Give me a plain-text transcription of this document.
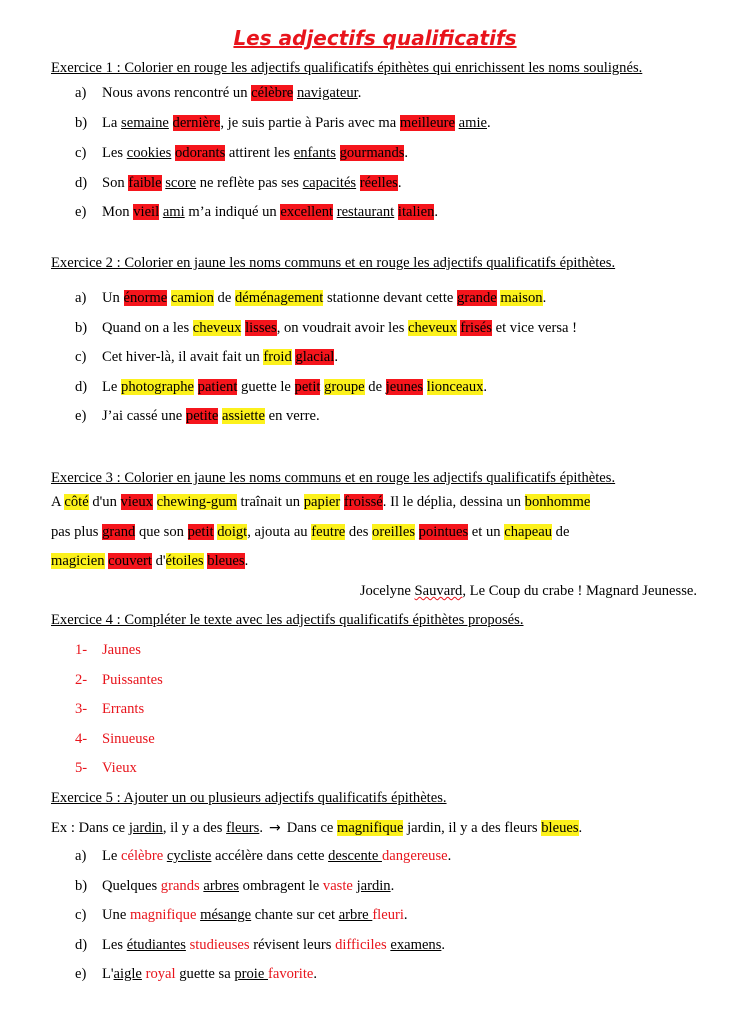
Les adjectifs qualificatifs
Exercice 1 : Colorier en rouge les adjectifs qualificatifs épithètes qui enrichissent les noms soulignés.
a) Nous avons rencontré un célèbre navigateur.
b) La semaine dernière, je suis partie à Paris avec ma meilleure amie.
c) Les cookies odorants attirent les enfants gourmands.
d) Son faible score ne reflète pas ses capacités réelles.
e) Mon vieil ami m’a indiqué un excellent restaurant italien.
Exercice 2 : Colorier en jaune les noms communs et en rouge les adjectifs qualificatifs épithètes.
a) Un énorme camion de déménagement stationne devant cette grande maison.
b) Quand on a les cheveux lisses, on voudrait avoir les cheveux frisés et vice versa !
c) Cet hiver-là, il avait fait un froid glacial.
d) Le photographe patient guette le petit groupe de jeunes lionceaux.
e) J’ai cassé une petite assiette en verre.
Exercice 3 : Colorier en jaune les noms communs et en rouge les adjectifs qualificatifs épithètes.
A côté d'un vieux chewing-gum traînait un papier froissé. Il le déplia, dessina un bonhomme
pas plus grand que son petit doigt, ajouta au feutre des oreilles pointues et un chapeau de
magicien couvert d'étoiles bleues.
Jocelyne Sauvard, Le Coup du crabe ! Magnard Jeunesse.
Exercice 4 : Compléter le texte avec les adjectifs qualificatifs épithètes proposés.
1- Jaunes
2- Puissantes
3- Errants
4- Sinueuse
5- Vieux
Exercice 5 : Ajouter un ou plusieurs adjectifs qualificatifs épithètes.
Ex : Dans ce jardin, il y a des fleurs. → Dans ce magnifique jardin, il y a des fleurs bleues.
a) Le célèbre cycliste accélère dans cette descente dangereuse.
b) Quelques grands arbres ombragent le vaste jardin.
c) Une magnifique mésange chante sur cet arbre fleuri.
d) Les étudiantes studieuses révisent leurs difficiles examens.
e) L'aigle royal guette sa proie favorite.
